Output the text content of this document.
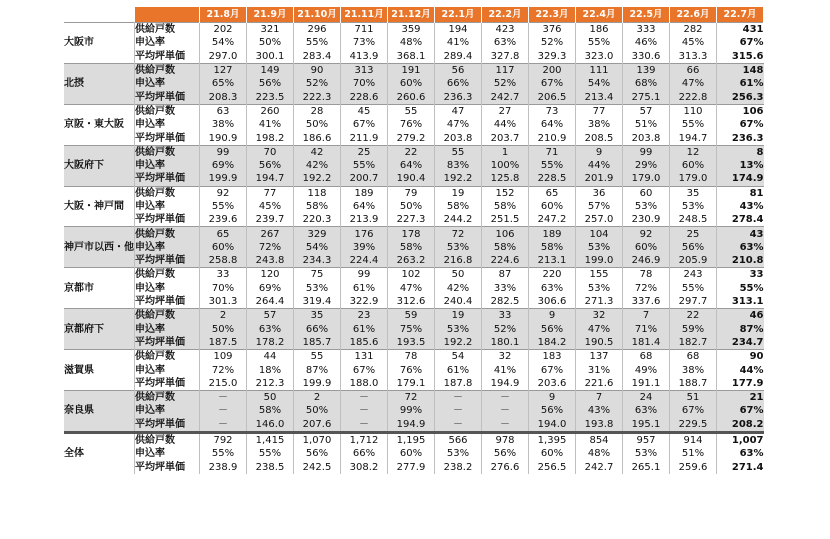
		21.8月	21.9月	21.10月	21.11月	21.12月	22.1月	22.2月	22.3月	22.4月	22.5月	22.6月	22.7月
大阪市	供給戸数	202	321	296	711	359	194	423	376	186	333	282	431
	申込率	54%	50%	55%	73%	48%	41%	63%	52%	55%	46%	45%	67%
	平均坪単価	297.0	300.1	283.4	413.9	368.1	289.4	327.8	329.3	323.0	330.6	313.3	315.6
北摂	供給戸数	127	149	90	313	191	56	117	200	111	139	66	148
	申込率	65%	56%	52%	70%	60%	66%	52%	67%	54%	68%	47%	61%
	平均坪単価	208.3	223.5	222.3	228.6	260.6	236.3	242.7	206.5	213.4	275.1	222.8	256.3
京阪・東大阪	供給戸数	63	260	28	45	55	47	27	73	77	57	110	106
	申込率	38%	41%	50%	67%	76%	47%	44%	64%	38%	51%	55%	67%
	平均坪単価	190.9	198.2	186.6	211.9	279.2	203.8	203.7	210.9	208.5	203.8	194.7	236.3
大阪府下	供給戸数	99	70	42	25	22	55	1	71	9	99	12	8
	申込率	69%	56%	42%	55%	64%	83%	100%	55%	44%	29%	60%	13%
	平均坪単価	199.9	194.7	192.2	200.7	190.4	192.2	125.8	228.5	201.9	179.0	179.0	174.9
大阪・神戸間	供給戸数	92	77	118	189	79	19	152	65	36	60	35	81
	申込率	55%	45%	58%	64%	50%	58%	58%	60%	57%	53%	53%	43%
	平均坪単価	239.6	239.7	220.3	213.9	227.3	244.2	251.5	247.2	257.0	230.9	248.5	278.4
神戸市以西・他	供給戸数	65	267	329	176	178	72	106	189	104	92	25	43
	申込率	60%	72%	54%	39%	58%	53%	58%	58%	53%	60%	56%	63%
	平均坪単価	258.8	243.8	234.3	224.4	263.2	216.8	224.6	213.1	199.0	246.9	205.9	210.8
京都市	供給戸数	33	120	75	99	102	50	87	220	155	78	243	33
	申込率	70%	69%	53%	61%	47%	42%	33%	63%	53%	72%	55%	55%
	平均坪単価	301.3	264.4	319.4	322.9	312.6	240.4	282.5	306.6	271.3	337.6	297.7	313.1
京都府下	供給戸数	2	57	35	23	59	19	33	9	32	7	22	46
	申込率	50%	63%	66%	61%	75%	53%	52%	56%	47%	71%	59%	87%
	平均坪単価	187.5	178.2	185.7	185.6	193.5	192.2	180.1	184.2	190.5	181.4	182.7	234.7
滋賀県	供給戸数	109	44	55	131	78	54	32	183	137	68	68	90
	申込率	72%	18%	87%	67%	76%	61%	41%	67%	31%	49%	38%	44%
	平均坪単価	215.0	212.3	199.9	188.0	179.1	187.8	194.9	203.6	221.6	191.1	188.7	177.9
奈良県	供給戸数	－	50	2	－	72	－	－	9	7	24	51	21
	申込率	－	58%	50%	－	99%	－	－	56%	43%	63%	67%	67%
	平均坪単価	－	146.0	207.6	－	194.9	－	－	194.0	193.8	195.1	229.5	208.2
全体	供給戸数	792	1,415	1,070	1,712	1,195	566	978	1,395	854	957	914	1,007
	申込率	55%	55%	56%	66%	60%	53%	56%	60%	48%	53%	51%	63%
	平均坪単価	238.9	238.5	242.5	308.2	277.9	238.2	276.6	256.5	242.7	265.1	259.6	271.4
